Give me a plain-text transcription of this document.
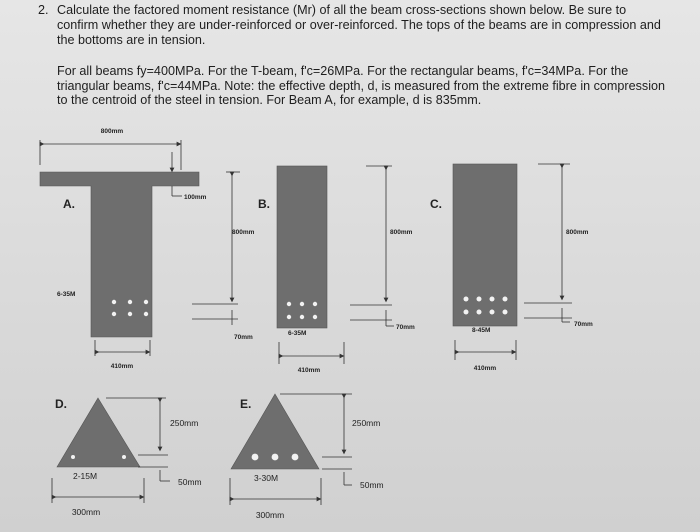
2. Calculate the factored moment resistance (Mr) of all the beam cross-sections shown below. Be sure to
confirm whether they are under-reinforced or over-reinforced. The tops of the beams are in compression and
the bottoms are in tension.
For all beams fy=400MPa. For the T-beam, f'c=26MPa. For the rectangular beams, f'c=34MPa. For the
triangular beams, f'c=44MPa. Note: the effective depth, d, is measured from the extreme fibre in compression
to the centroid of the steel in tension. For Beam A, for example, d is 835mm.
800mm
100mm
A.
6-35M
410mm
70mm
B.
6-35M
800mm
410mm
70mm
C.
8-45M
800mm
410mm
70mm
800mm
D.
2-15M
250mm
50mm
300mm
E.
3-30M
250mm
50mm
300mm
